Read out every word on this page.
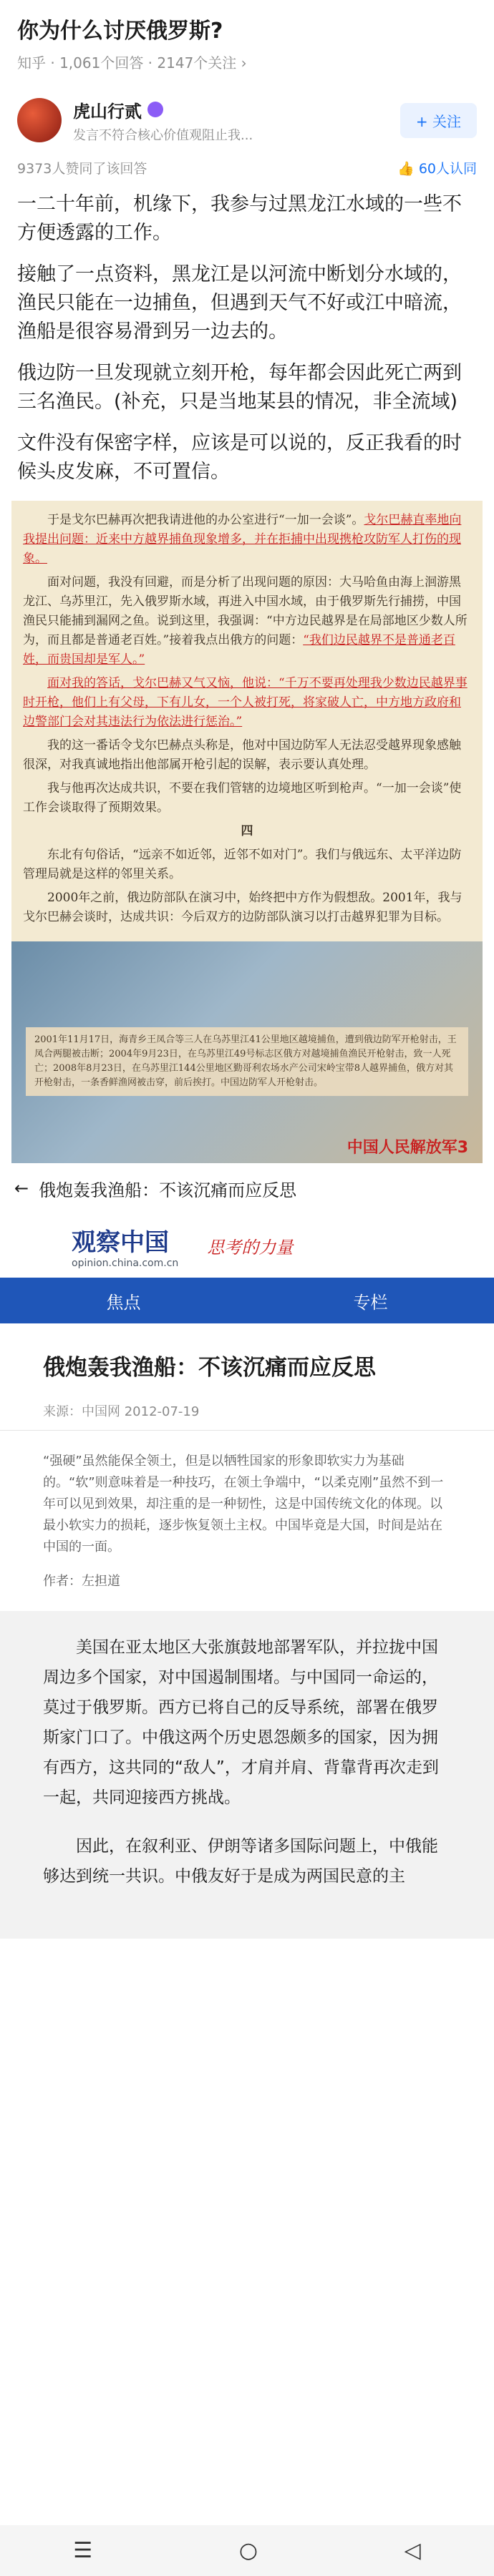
你为什么讨厌俄罗斯?
知乎 · 1,061个回答 · 2147个关注 ›
虎山行贰
发言不符合核心价值观阻止我...
+ 关注
9373人赞同了该回答	👍 60人认同

一二十年前，机缘下，我参与过黑龙江水域的一些不方便透露的工作。

接触了一点资料，黑龙江是以河流中断划分水域的，渔民只能在一边捕鱼，但遇到天气不好或江中暗流，渔船是很容易滑到另一边去的。

俄边防一旦发现就立刻开枪，每年都会因此死亡两到三名渔民。(补充，只是当地某县的情况，非全流域)

文件没有保密字样，应该是可以说的，反正我看的时候头皮发麻，不可置信。

于是戈尔巴赫再次把我请进他的办公室进行“一加一会谈”。戈尔巴赫直率地向我提出问题：近来中方越界捕鱼现象增多，并在拒捕中出现携枪攻防军人打伤的现象。

面对问题，我没有回避，而是分析了出现问题的原因：大马哈鱼由海上洄游黑龙江、乌苏里江，先入俄罗斯水域，再进入中国水域，由于俄罗斯先行捕捞，中国渔民只能捕到漏网之鱼。说到这里，我强调：“中方边民越界是在局部地区少数人所为，而且都是普通老百姓。”接着我点出俄方的问题：“我们边民越界不是普通老百姓，而贵国却是军人。”

面对我的答话，戈尔巴赫又气又恼，他说：“千万不要再处理我少数边民越界事时开枪，他们上有父母，下有儿女，一个人被打死，将家破人亡，中方地方政府和边警部门会对其违法行为依法进行惩治。”

我的这一番话令戈尔巴赫点头称是，他对中国边防军人无法忍受越界现象感触很深，对我真诚地指出他部属开枪引起的误解，表示要认真处理。

我与他再次达成共识，不要在我们管辖的边境地区听到枪声。“一加一会谈”使工作会谈取得了预期效果。

四

东北有句俗话，“远亲不如近邻，近邻不如对门”。我们与俄远东、太平洋边防管理局就是这样的邻里关系。

2000年之前，俄边防部队在演习中，始终把中方作为假想敌。2001年，我与戈尔巴赫会谈时，达成共识：今后双方的边防部队演习以打击越界犯罪为目标。

2001年11月17日，海青乡王凤合等三人在乌苏里江41公里地区越境捕鱼，遭到俄边防军开枪射击，王凤合两腿被击断；2004年9月23日，在乌苏里江49号标志区俄方对越境捕鱼渔民开枪射击，致一人死亡；2008年8月23日，在乌苏里江144公里地区勤哥利农场水产公司宋岭宝带8人越界捕鱼，俄方对其开枪射击，一条香鲜渔网被击穿，前后挨打。中国边防军人开枪射击。
中国人民解放军3
← 俄炮轰我渔船：不该沉痛而应反思
观察中国
opinion.china.com.cn
思考的力量
焦点	专栏
俄炮轰我渔船：不该沉痛而应反思
来源：中国网 2012-07-19
“强硬”虽然能保全领土，但是以牺牲国家的形象即软实力为基础的。“软”则意味着是一种技巧，在领土争端中，“以柔克刚”虽然不到一年可以见到效果，却注重的是一种韧性，这是中国传统文化的体现。以最小软实力的损耗，逐步恢复领土主权。中国毕竟是大国，时间是站在中国的一面。
作者：左担道

美国在亚太地区大张旗鼓地部署军队，并拉拢中国周边多个国家，对中国遏制围堵。与中国同一命运的，莫过于俄罗斯。西方已将自己的反导系统，部署在俄罗斯家门口了。中俄这两个历史恩怨颇多的国家，因为拥有西方，这共同的“敌人”，才肩并肩、背靠背再次走到一起，共同迎接西方挑战。

因此，在叙利亚、伊朗等诸多国际问题上，中俄能够达到统一共识。中俄友好于是成为两国民意的主

☰	○	◁
